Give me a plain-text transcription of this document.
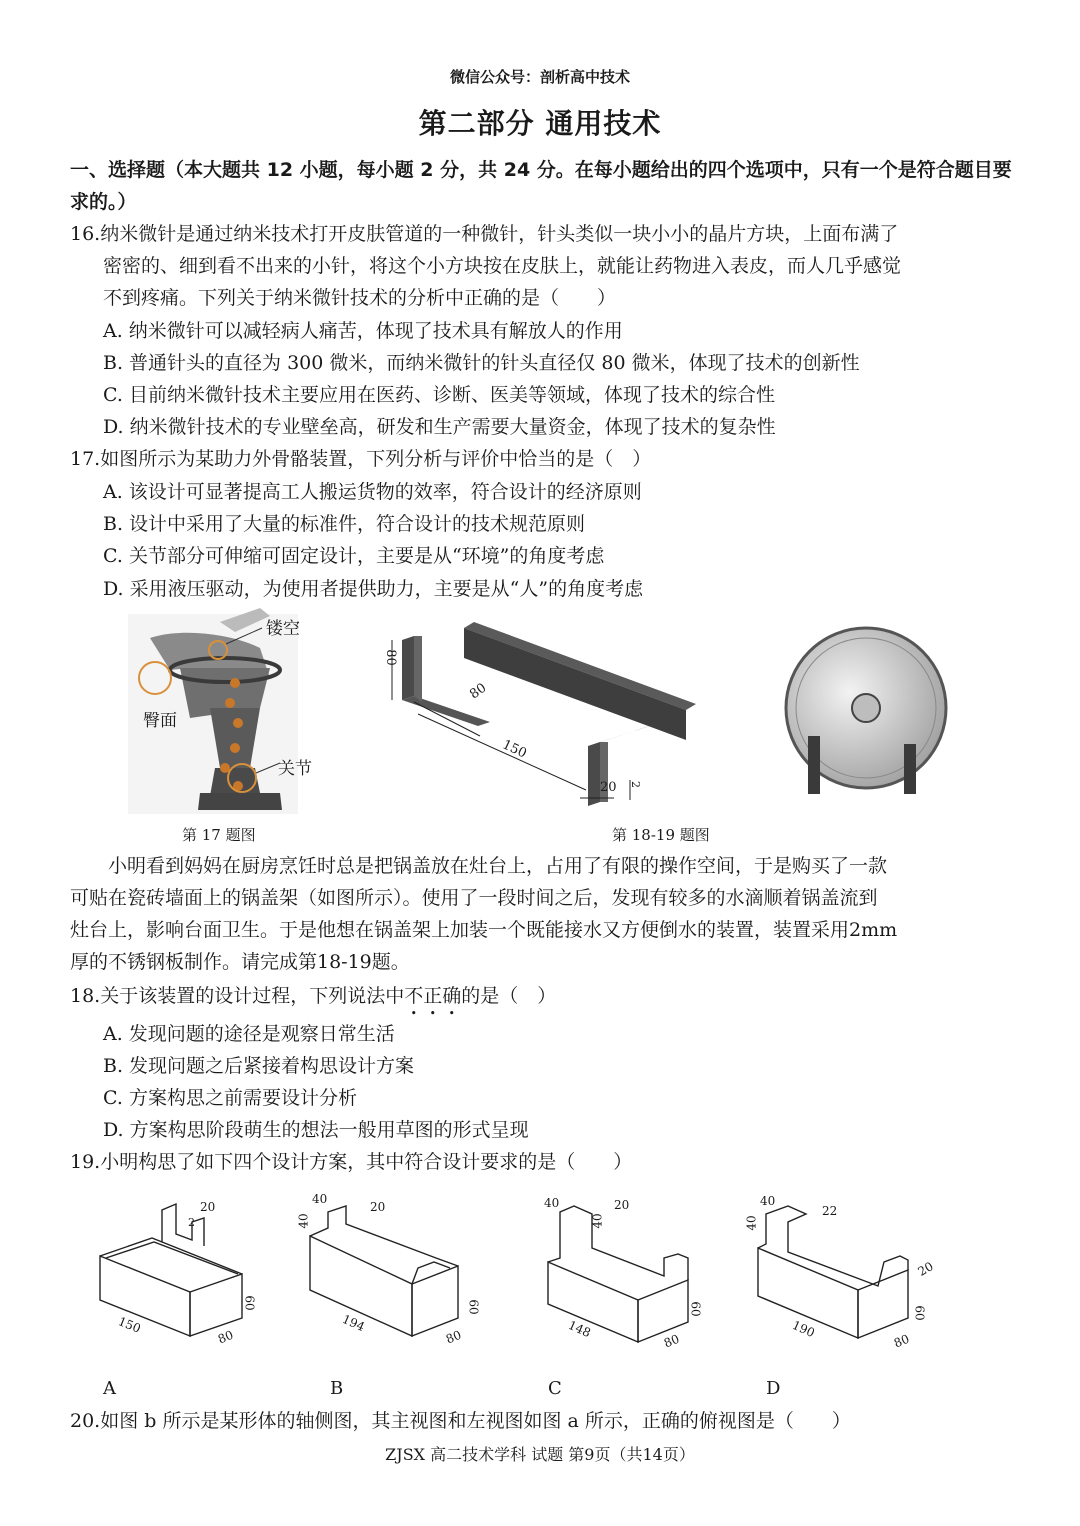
微信公众号：剖析高中技术
第二部分 通用技术
一、选择题（本大题共 12 小题，每小题 2 分，共 24 分。在每小题给出的四个选项中，只有一个是符合题目要求的。）
16.纳米微针是通过纳米技术打开皮肤管道的一种微针，针头类似一块小小的晶片方块，上面布满了
密密的、细到看不出来的小针，将这个小方块按在皮肤上，就能让药物进入表皮，而人几乎感觉
不到疼痛。下列关于纳米微针技术的分析中正确的是（　　）
A. 纳米微针可以减轻病人痛苦，体现了技术具有解放人的作用
B. 普通针头的直径为 300 微米，而纳米微针的针头直径仅 80 微米，体现了技术的创新性
C. 目前纳米微针技术主要应用在医药、诊断、医美等领域，体现了技术的综合性
D. 纳米微针技术的专业壁垒高，研发和生产需要大量资金，体现了技术的复杂性
17.如图所示为某助力外骨骼装置，下列分析与评价中恰当的是（　）
A. 该设计可显著提高工人搬运货物的效率，符合设计的经济原则
B. 设计中采用了大量的标准件，符合设计的技术规范原则
C. 关节部分可伸缩可固定设计，主要是从“环境”的角度考虑
D. 采用液压驱动，为使用者提供助力，主要是从“人”的角度考虑
镂空
臀面
关节
80
80
150
20 2
第 17 题图	第 18-19 题图
　　小明看到妈妈在厨房烹饪时总是把锅盖放在灶台上，占用了有限的操作空间，于是购买了一款
可贴在瓷砖墙面上的锅盖架（如图所示）。使用了一段时间之后，发现有较多的水滴顺着锅盖流到
灶台上，影响台面卫生。于是他想在锅盖架上加装一个既能接水又方便倒水的装置，装置采用2mm
厚的不锈钢板制作。请完成第18-19题。
18.关于该装置的设计过程，下列说法中不正确的是（　）
A. 发现问题的途径是观察日常生活
B. 发现问题之后紧接着构思设计方案
C. 方案构思之前需要设计分析
D. 方案构思阶段萌生的想法一般用草图的形式呈现
19.小明构思了如下四个设计方案，其中符合设计要求的是（　　）
20
2
60
150
80
A
40
40
20
60
194
80
B
40	20
40
60
148
80
C
40
40
22
20
60
190
80
D
20.如图 b 所示是某形体的轴侧图，其主视图和左视图如图 a 所示，正确的俯视图是（　　）
ZJSX 高二技术学科 试题 第9页（共14页）
